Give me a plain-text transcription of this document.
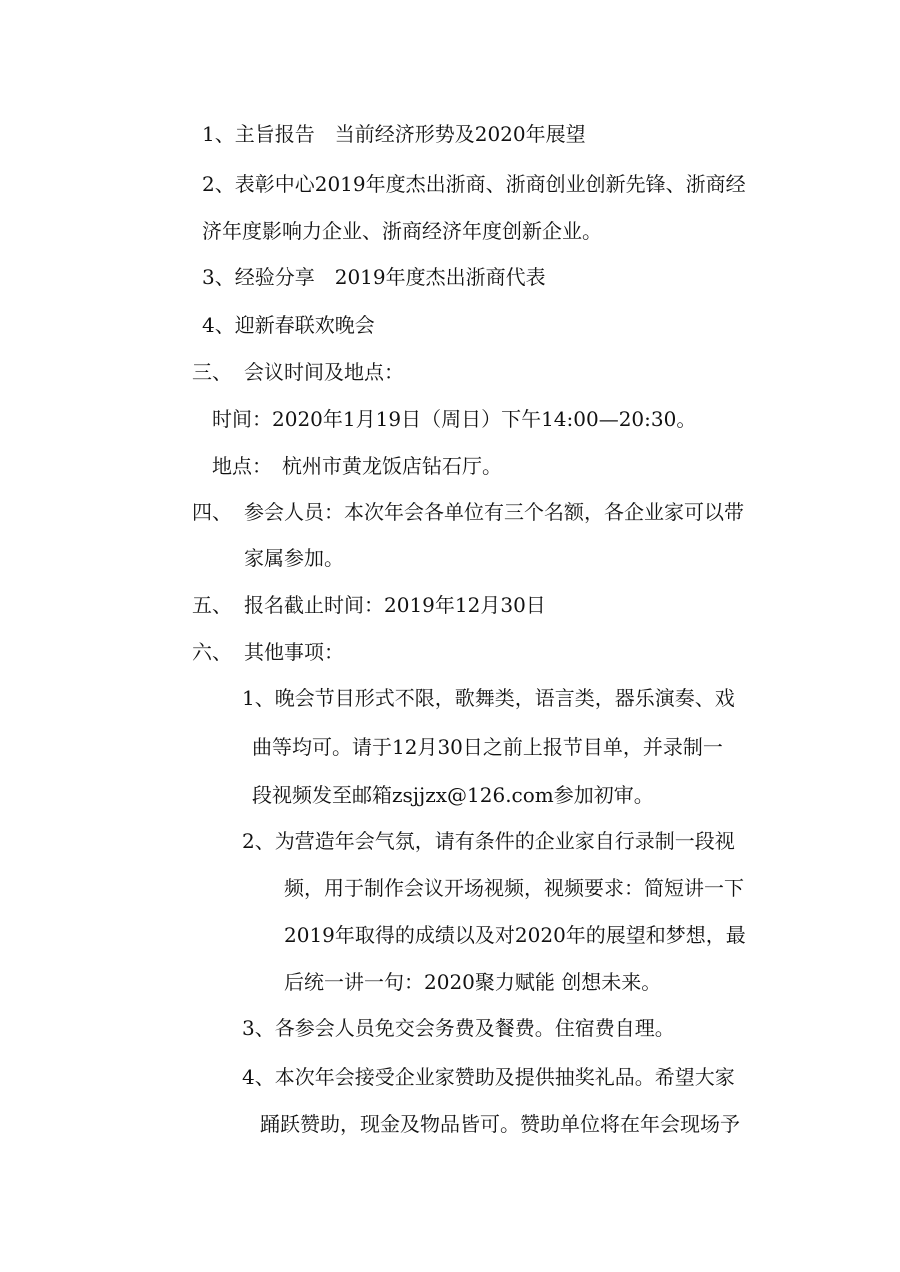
1、主旨报告　当前经济形势及2020年展望
2、表彰中心2019年度杰出浙商、浙商创业创新先锋、浙商经
济年度影响力企业、浙商经济年度创新企业。
3、经验分享　2019年度杰出浙商代表
4、迎新春联欢晚会
三、 会议时间及地点：
时间：2020年1月19日（周日）下午14:00—20:30。
地点：　杭州市黄龙饭店钻石厅。
四、 参会人员：本次年会各单位有三个名额，各企业家可以带
家属参加。
五、 报名截止时间：2019年12月30日
六、 其他事项：
1、晚会节目形式不限，歌舞类，语言类，器乐演奏、戏
曲等均可。请于12月30日之前上报节目单，并录制一
段视频发至邮箱zsjjzx@126.com参加初审。
2、为营造年会气氛，请有条件的企业家自行录制一段视
频，用于制作会议开场视频，视频要求：简短讲一下
2019年取得的成绩以及对2020年的展望和梦想，最
后统一讲一句：2020聚力赋能 创想未来。
3、各参会人员免交会务费及餐费。住宿费自理。
4、本次年会接受企业家赞助及提供抽奖礼品。希望大家
踊跃赞助，现金及物品皆可。赞助单位将在年会现场予
